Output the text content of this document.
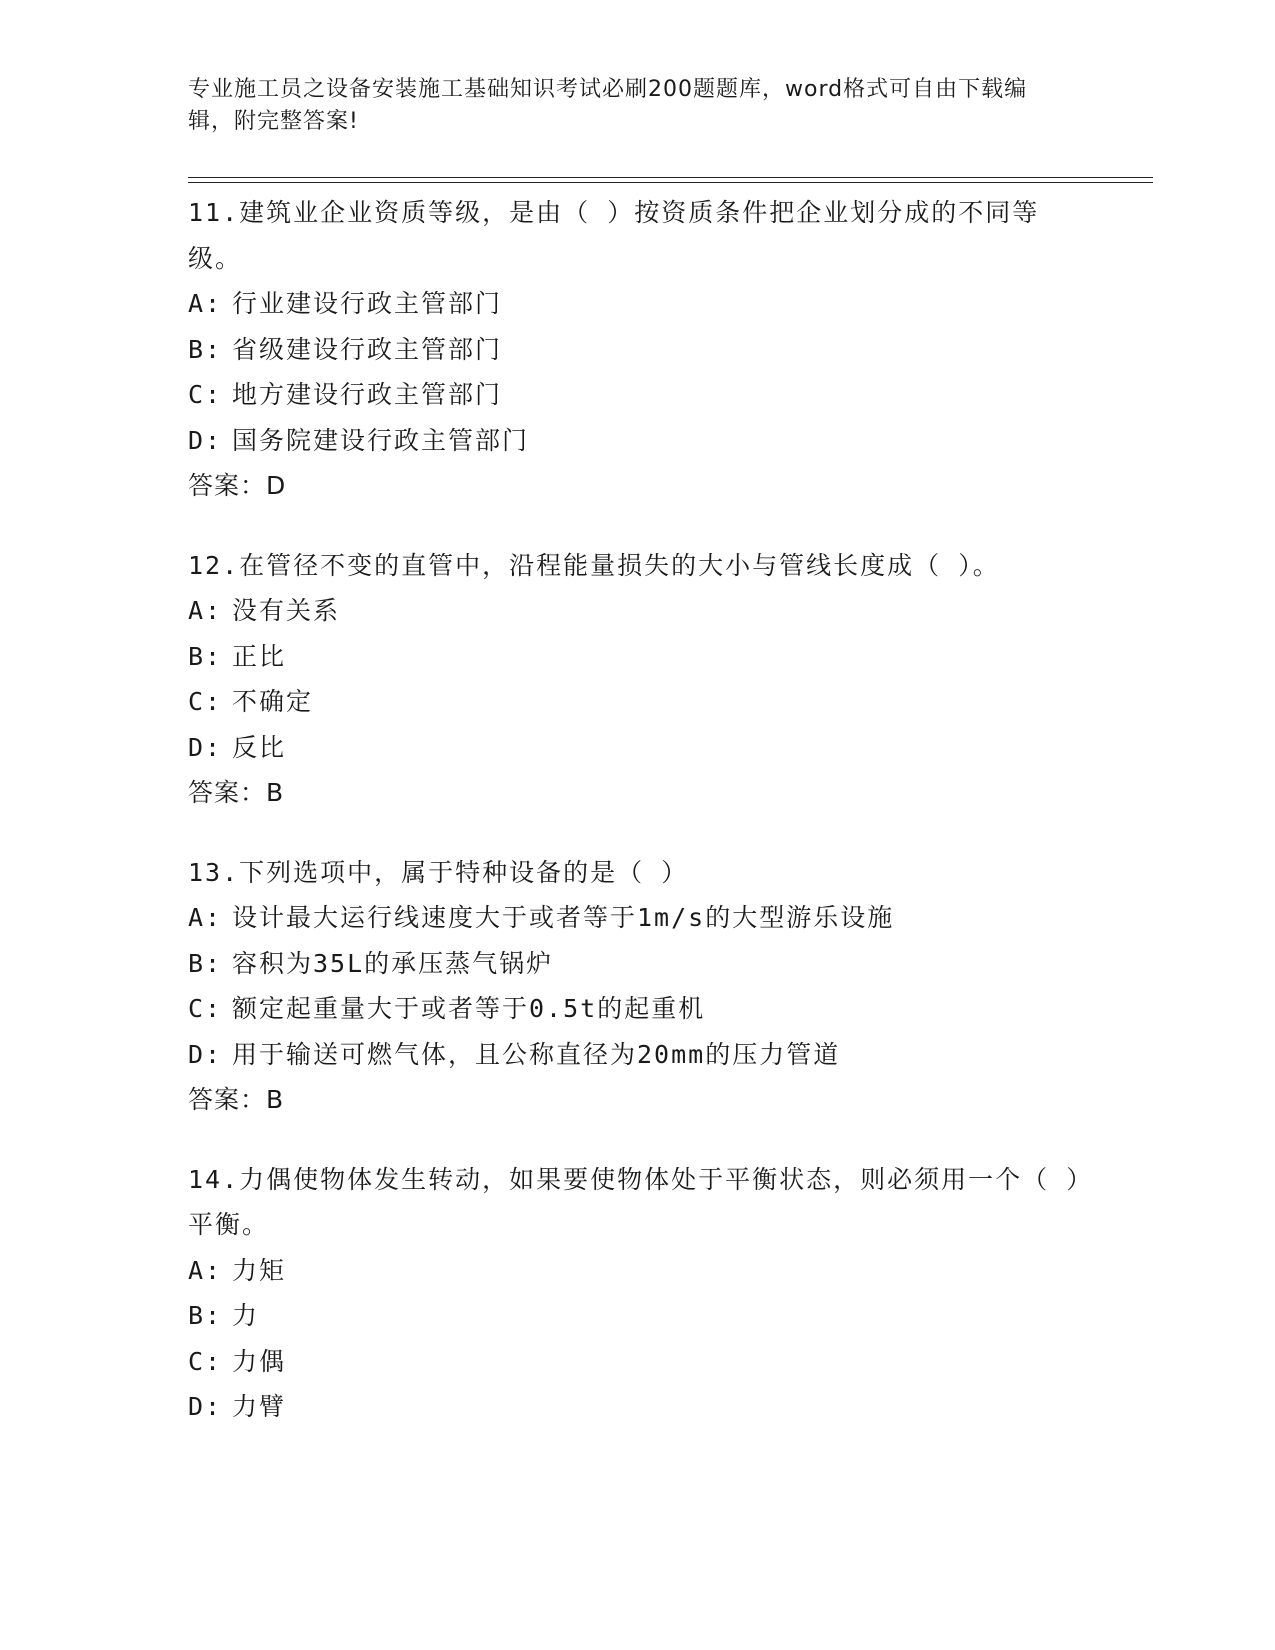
专业施工员之设备安装施工基础知识考试必刷200题题库，word格式可自由下载编辑，附完整答案!
11.建筑业企业资质等级，是由（ ）按资质条件把企业划分成的不同等级。
A: 行业建设行政主管部门
B: 省级建设行政主管部门
C: 地方建设行政主管部门
D: 国务院建设行政主管部门
答案：D
12.在管径不变的直管中，沿程能量损失的大小与管线长度成（ ）。
A: 没有关系
B: 正比
C: 不确定
D: 反比
答案：B
13.下列选项中，属于特种设备的是（ ）
A: 设计最大运行线速度大于或者等于1m/s的大型游乐设施
B: 容积为35L的承压蒸气锅炉
C: 额定起重量大于或者等于0.5t的起重机
D: 用于输送可燃气体，且公称直径为20mm的压力管道
答案：B
14.力偶使物体发生转动，如果要使物体处于平衡状态，则必须用一个（ ）平衡。
A: 力矩
B: 力
C: 力偶
D: 力臂
